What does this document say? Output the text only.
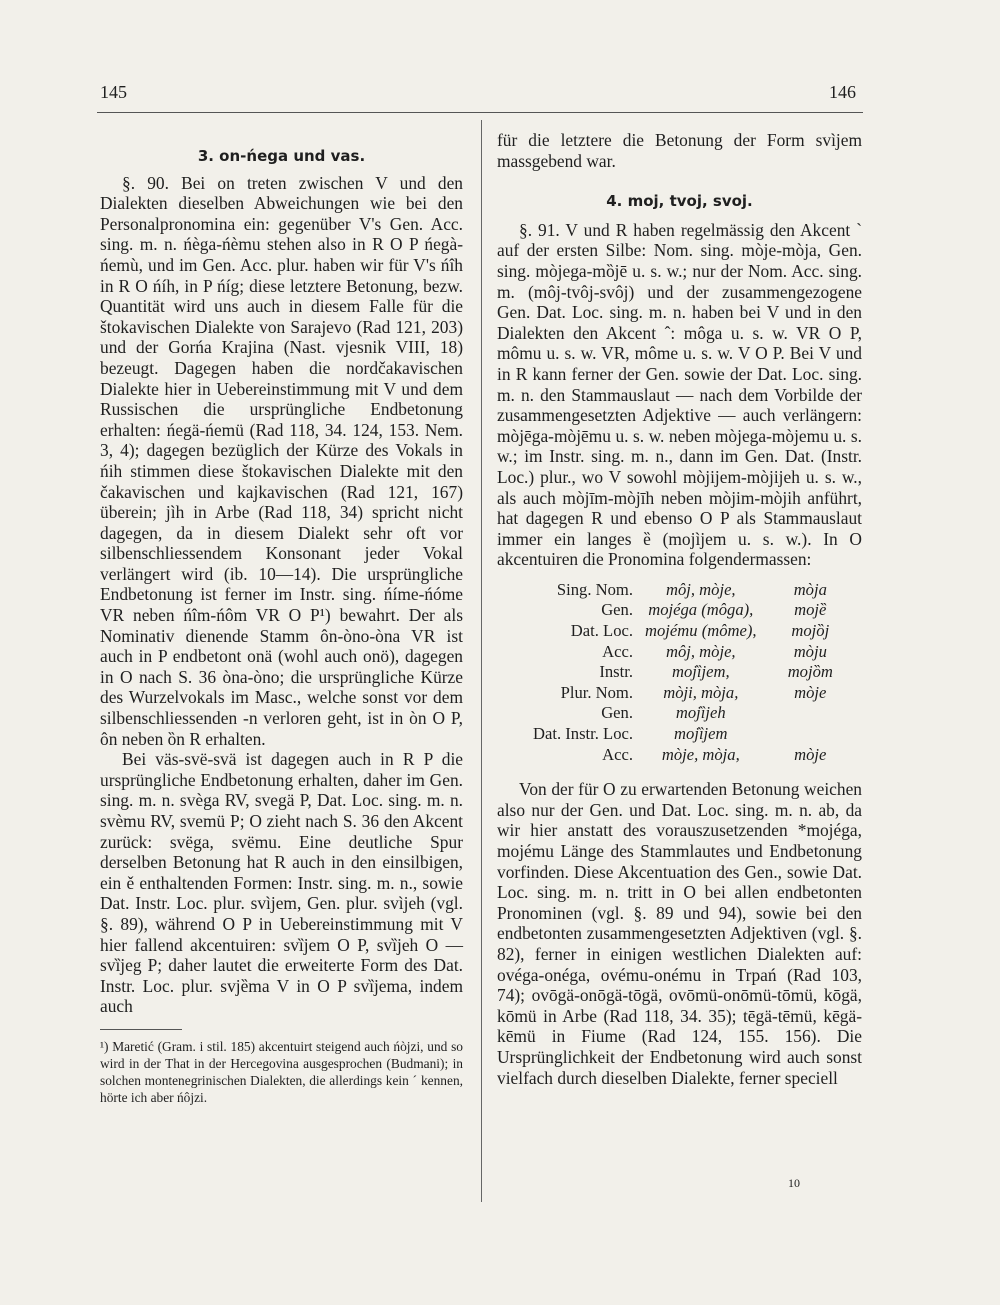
145	146
3. on-ńega und vas.

§. 90. Bei on treten zwischen V und den Dialekten dieselben Abweichungen wie bei den Personalpronomina ein: gegenüber V's Gen. Acc. sing. m. n. ńèga-ńèmu stehen also in R O P ńegà-ńemù, und im Gen. Acc. plur. haben wir für V's ńîh in R O ńíh, in P ńíg; diese letztere Betonung, bezw. Quantität wird uns auch in diesem Falle für die štokavischen Dialekte von Sarajevo (Rad 121, 203) und der Gorńa Krajina (Nast. vjesnik VIII, 18) bezeugt. Dagegen haben die nordčakavischen Dialekte hier in Uebereinstimmung mit V und dem Russischen die ursprüngliche Endbetonung erhalten: ńegä-ńemü (Rad 118, 34. 124, 153. Nem. 3, 4); dagegen bezüglich der Kürze des Vokals in ńih stimmen diese štokavischen Dialekte mit den čakavischen und kajkavischen (Rad 121, 167) überein; jìh in Arbe (Rad 118, 34) spricht nicht dagegen, da in diesem Dialekt sehr oft vor silbenschliessendem Konsonant jeder Vokal verlängert wird (ib. 10—14). Die ursprüngliche Endbetonung ist ferner im Instr. sing. ńíme-ńóme VR neben ńîm-ńôm VR O P¹) bewahrt. Der als Nominativ dienende Stamm ôn-òno-òna VR ist auch in P endbetont onä (wohl auch onö), dagegen in O nach S. 36 òna-òno; die ursprüngliche Kürze des Wurzelvokals im Masc., welche sonst vor dem silbenschliessenden -n verloren geht, ist in òn O P, ôn neben ȍn R erhalten.

Bei väs-svë-svä ist dagegen auch in R P die ursprüngliche Endbetonung erhalten, daher im Gen. sing. m. n. svèga RV, svegä P, Dat. Loc. sing. m. n. svèmu RV, svemü P; O zieht nach S. 36 den Akcent zurück: svëga, svëmu. Eine deutliche Spur derselben Betonung hat R auch in den einsilbigen, ein ě enthaltenden Formen: Instr. sing. m. n., sowie Dat. Instr. Loc. plur. svìjem, Gen. plur. svìjeh (vgl. §. 89), während O P in Uebereinstimmung mit V hier fallend akcentuiren: svȉjem O P, svȉjeh O — svȉjeg P; daher lautet die erweiterte Form des Dat. Instr. Loc. plur. svjȅma V in O P svȉjema, indem auch

¹) Maretić (Gram. i stil. 185) akcentuirt steigend auch ńòjzi, und so wird in der That in der Hercegovina ausgesprochen (Budmani); in solchen montenegrinischen Dialekten, die allerdings kein ˊ kennen, hörte ich aber ńôjzi.

für die letztere die Betonung der Form svìjem massgebend war.

4. moj, tvoj, svoj.

§. 91. V und R haben regelmässig den Akcent ` auf der ersten Silbe: Nom. sing. mòje-mòja, Gen. sing. mòjega-mȍjē u. s. w.; nur der Nom. Acc. sing. m. (môj-tvôj-svôj) und der zusammengezogene Gen. Dat. Loc. sing. m. n. haben bei V und in den Dialekten den Akcent ˆ: môga u. s. w. VR O P, mômu u. s. w. VR, môme u. s. w. V O P. Bei V und in R kann ferner der Gen. sowie der Dat. Loc. sing. m. n. den Stammauslaut — nach dem Vorbilde der zusammengesetzten Adjektive — auch verlängern: mòjēga-mòjēmu u. s. w. neben mòjega-mòjemu u. s. w.; im Instr. sing. m. n., dann im Gen. Dat. (Instr. Loc.) plur., wo V sowohl mòjijem-mòjijeh u. s. w., als auch mòjīm-mòjīh neben mòjim-mòjih anführt, hat dagegen R und ebenso O P als Stammauslaut immer ein langes ȅ (mojìjem u. s. w.). In O akcentuiren die Pronomina folgendermassen:

Sing. Nom.	môj, mòje,	mòja
Gen.	mojéga (môga),	mojȅ
Dat. Loc.	mojému (môme),	mojȍj
Acc.	môj, mòje,	mòju
Instr.	mojȉjem,	mojȍm
Plur. Nom.	mòji, mòja,	mòje
Gen.	mojȉjeh	
Dat. Instr. Loc.	mojȉjem	
Acc.	mòje, mòja,	mòje

Von der für O zu erwartenden Betonung weichen also nur der Gen. und Dat. Loc. sing. m. n. ab, da wir hier anstatt des vorauszusetzenden *mojéga, mojému Länge des Stammlautes und Endbetonung vorfinden. Diese Akcentuation des Gen., sowie Dat. Loc. sing. m. n. tritt in O bei allen endbetonten Pronominen (vgl. §. 89 und 94), sowie bei den endbetonten zusammengesetzten Adjektiven (vgl. §. 82), ferner in einigen westlichen Dialekten auf: ovéga-onéga, ovému-onému in Trpań (Rad 103, 74); ovōgä-onōgä-tōgä, ovōmü-onōmü-tōmü, kōgä, kōmü in Arbe (Rad 118, 34. 35); tēgä-tēmü, kēgä-kēmü in Fiume (Rad 124, 155. 156). Die Ursprünglichkeit der Endbetonung wird auch sonst vielfach durch dieselben Dialekte, ferner speciell

10
